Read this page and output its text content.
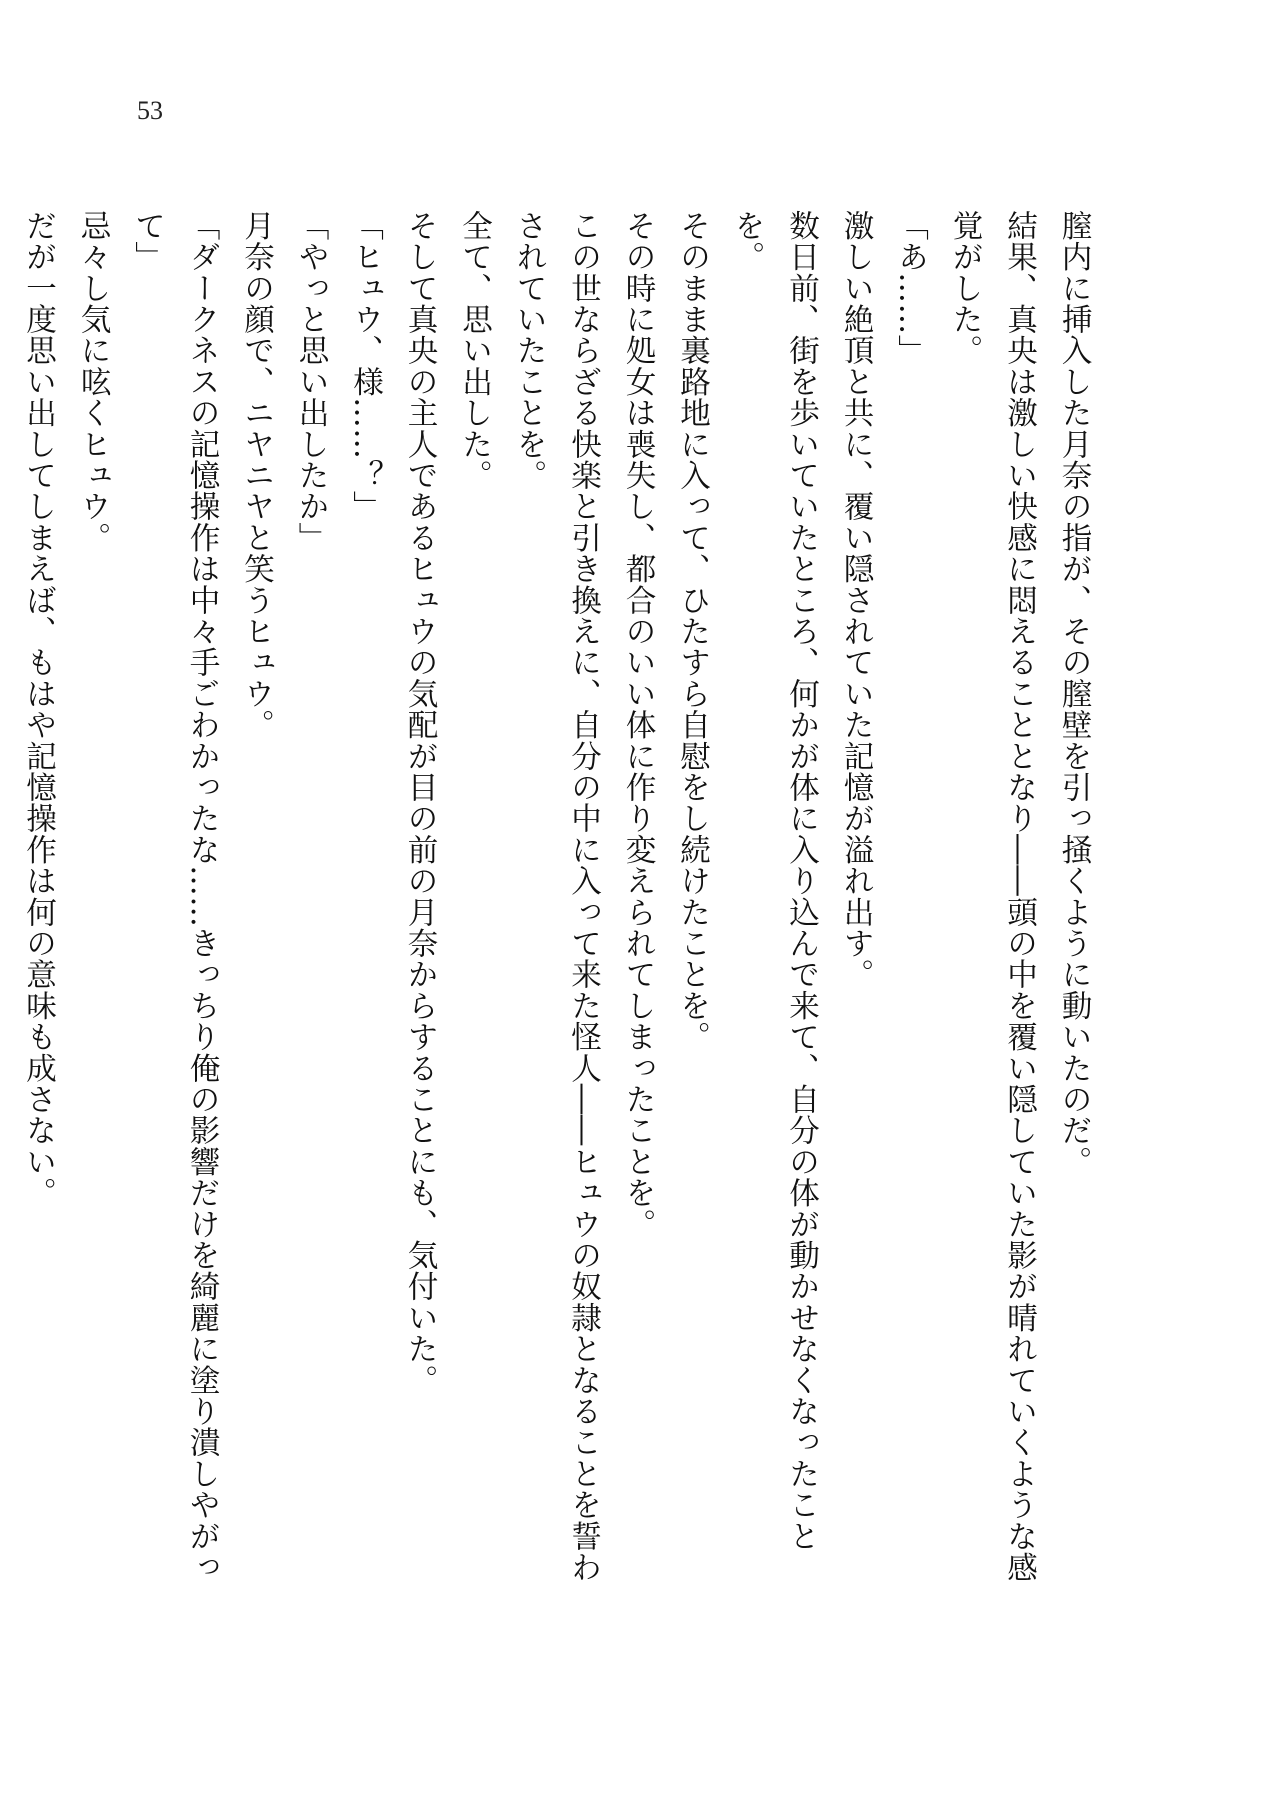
53
膣内に挿入した月奈の指が、その膣壁を引っ掻くように動いたのだ。
結果、真央は激しい快感に悶えることとなり――頭の中を覆い隠していた影が晴れていくような感覚がした。
「あ……」
激しい絶頂と共に、覆い隠されていた記憶が溢れ出す。
数日前、街を歩いていたところ、何かが体に入り込んで来て、自分の体が動かせなくなったことを。
そのまま裏路地に入って、ひたすら自慰をし続けたことを。
その時に処女は喪失し、都合のいい体に作り変えられてしまったことを。
この世ならざる快楽と引き換えに、自分の中に入って来た怪人――ヒュウの奴隷となることを誓わされていたことを。
全て、思い出した。
そして真央の主人であるヒュウの気配が目の前の月奈からすることにも、気付いた。
「ヒュウ、様……？」
「やっと思い出したか」
月奈の顔で、ニヤニヤと笑うヒュウ。
「ダークネスの記憶操作は中々手ごわかったな……きっちり俺の影響だけを綺麗に塗り潰しやがって」
忌々し気に呟くヒュウ。
だが一度思い出してしまえば、もはや記憶操作は何の意味も成さない。
